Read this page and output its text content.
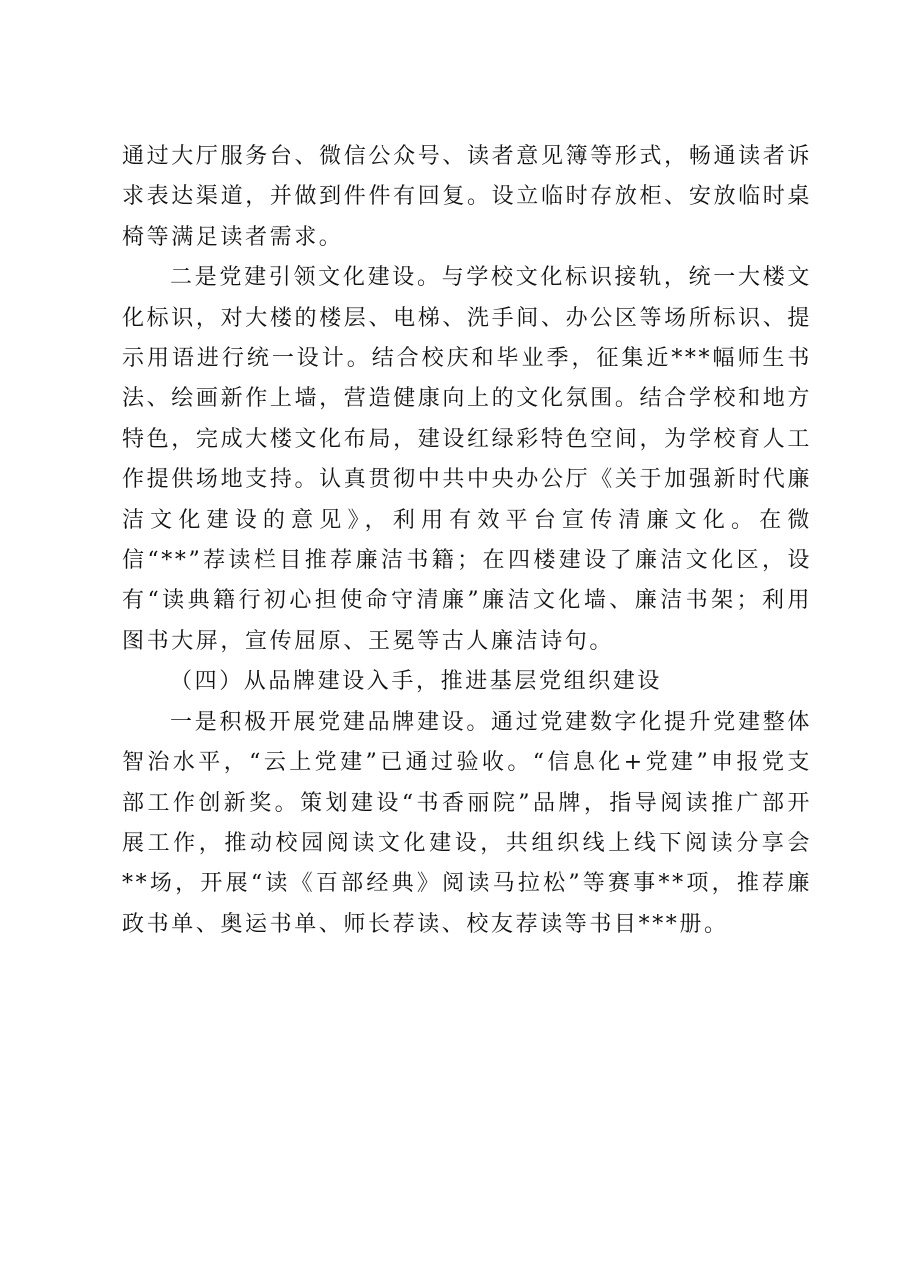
通过大厅服务台、微信公众号、读者意见簿等形式，畅通读者诉求表达渠道，并做到件件有回复。设立临时存放柜、安放临时桌椅等满足读者需求。

二是党建引领文化建设。与学校文化标识接轨，统一大楼文化标识，对大楼的楼层、电梯、洗手间、办公区等场所标识、提示用语进行统一设计。结合校庆和毕业季，征集近***幅师生书法、绘画新作上墙，营造健康向上的文化氛围。结合学校和地方特色，完成大楼文化布局，建设红绿彩特色空间，为学校育人工作提供场地支持。认真贯彻中共中央办公厅《关于加强新时代廉洁文化建设的意见》，利用有效平台宣传清廉文化。在微信“**”荐读栏目推荐廉洁书籍；在四楼建设了廉洁文化区，设有“读典籍行初心担使命守清廉”廉洁文化墙、廉洁书架；利用图书大屏，宣传屈原、王冕等古人廉洁诗句。

（四）从品牌建设入手，推进基层党组织建设

一是积极开展党建品牌建设。通过党建数字化提升党建整体智治水平，“云上党建”已通过验收。“信息化+党建”申报党支部工作创新奖。策划建设“书香丽院”品牌，指导阅读推广部开展工作，推动校园阅读文化建设，共组织线上线下阅读分享会**场，开展“读《百部经典》阅读马拉松”等赛事**项，推荐廉政书单、奥运书单、师长荐读、校友荐读等书目***册。
